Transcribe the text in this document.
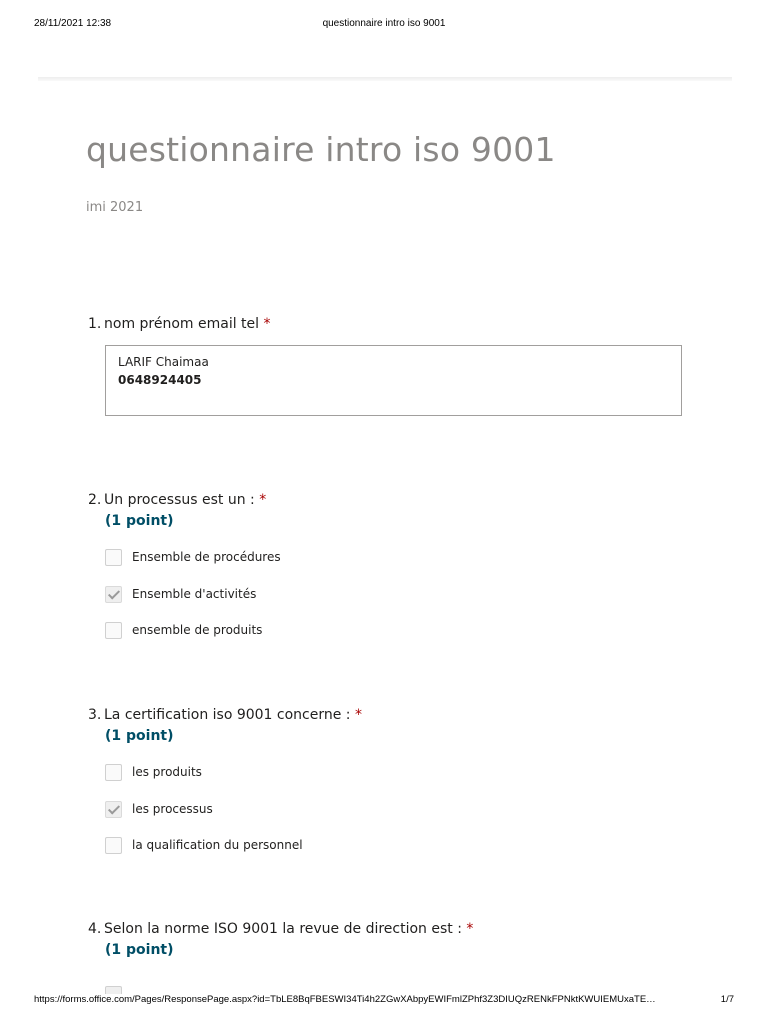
28/11/2021 12:38	questionnaire intro iso 9001
questionnaire intro iso 9001
imi 2021
1. nom prénom email tel *
LARIF Chaimaa
0648924405
2. Un processus est un : *
(1 point)
Ensemble de procédures
Ensemble d'activités
ensemble de produits
3. La certification iso 9001 concerne : *
(1 point)
les produits
les processus
la qualification du personnel
4. Selon la norme ISO 9001 la revue de direction est : *
(1 point)
https://forms.office.com/Pages/ResponsePage.aspx?id=TbLE8BqFBESWI34Ti4h2ZGwXAbpyEWIFmlZPhf3Z3DIUQzRENkFPNktKWUIEMUxaTE…	1/7
